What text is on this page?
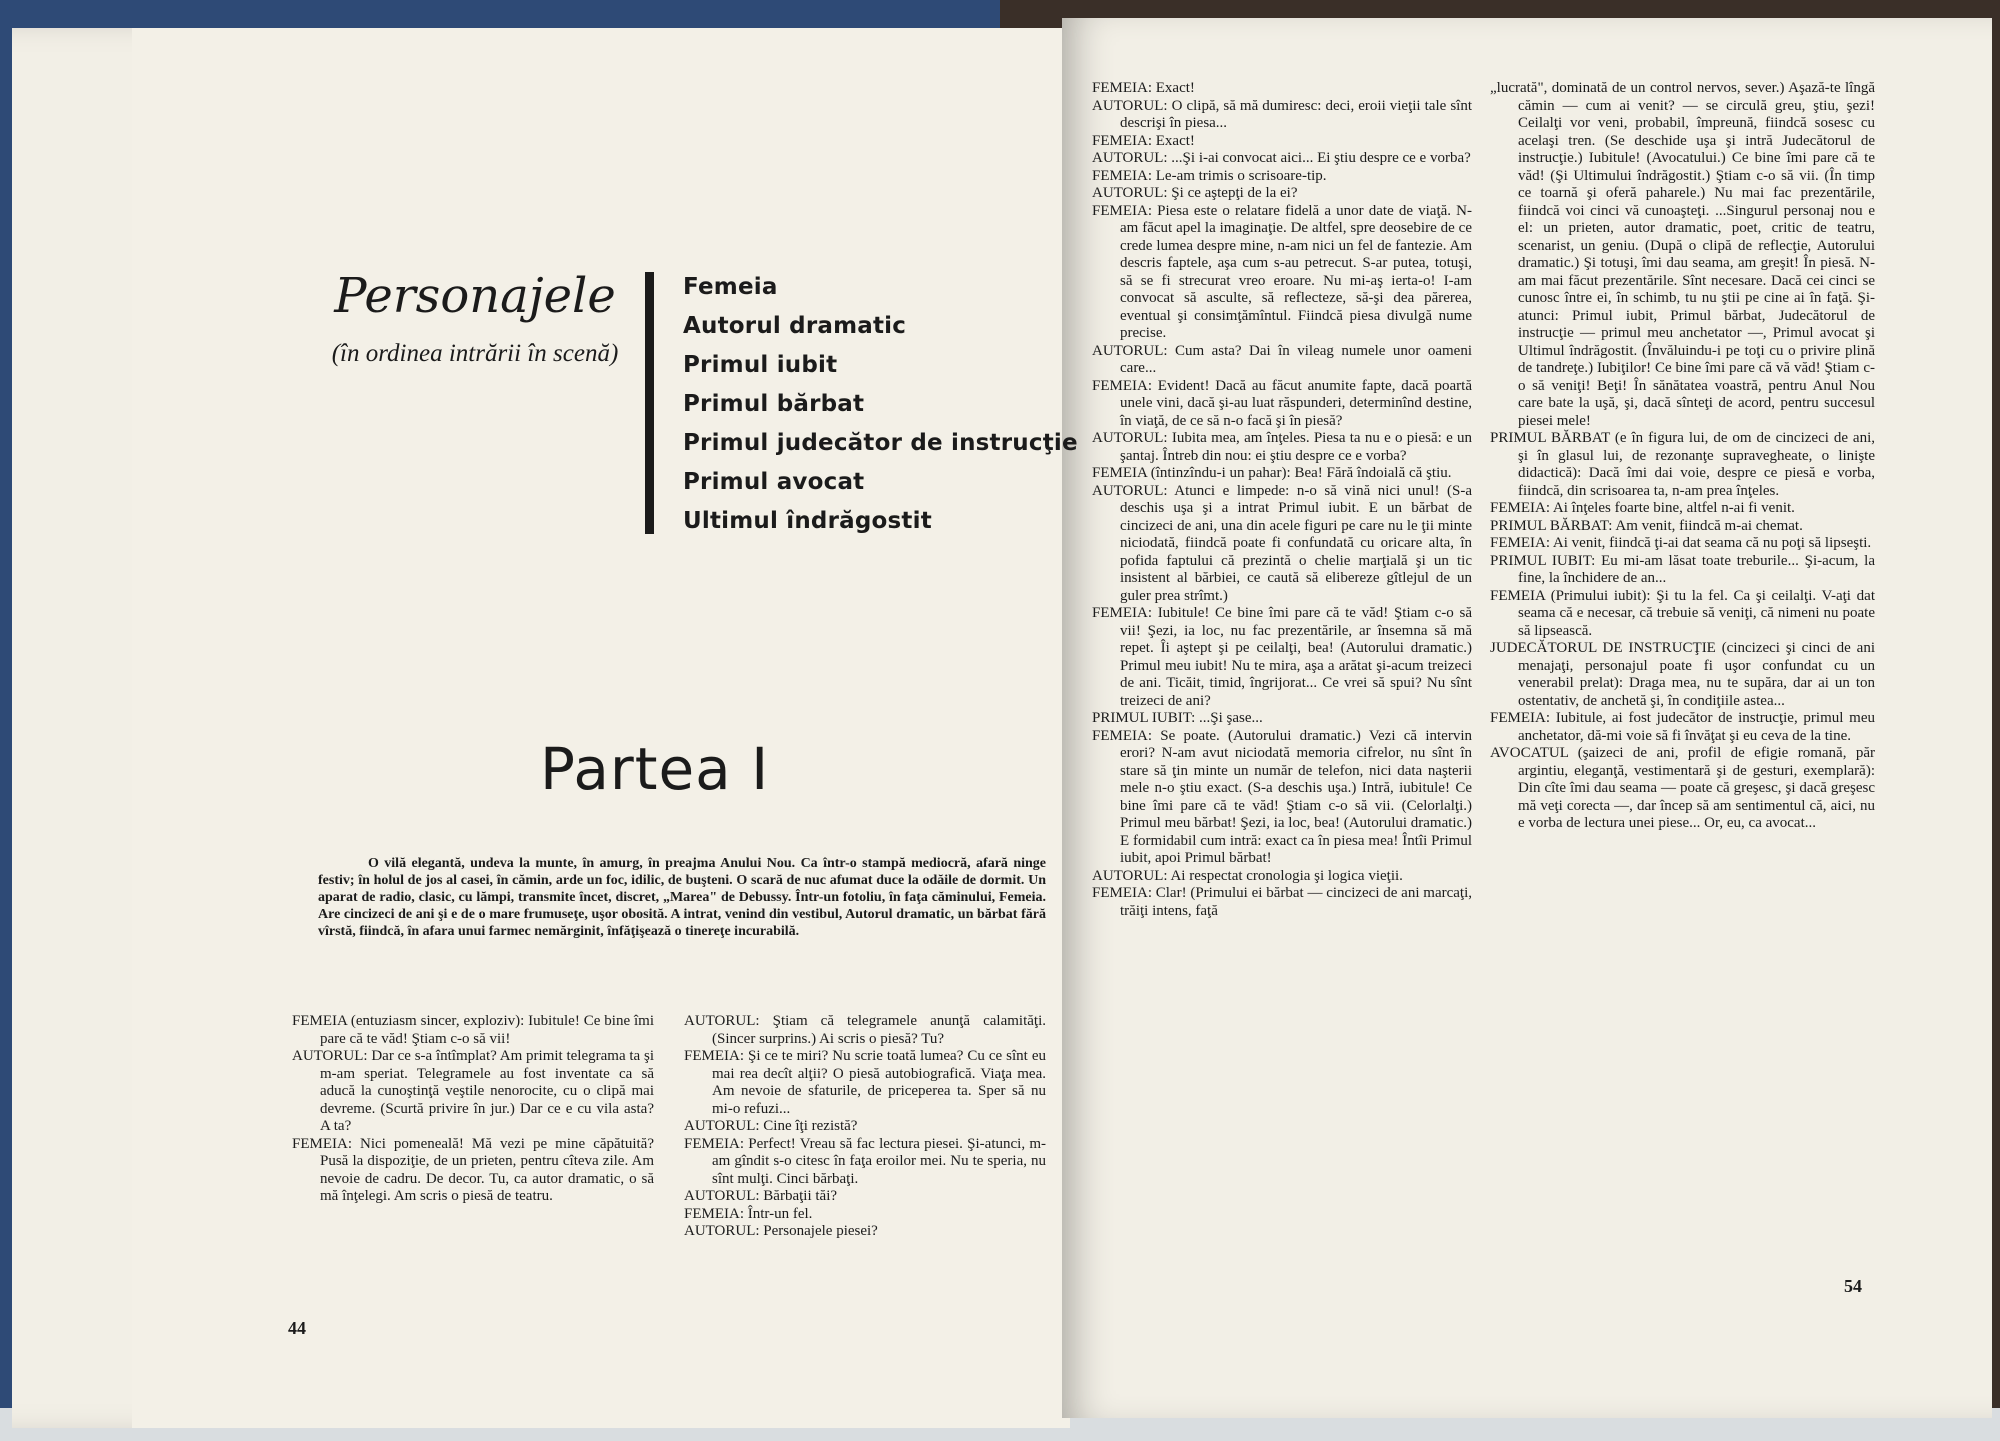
Personajele
(în ordinea intrării în scenă)
Femeia
Autorul dramatic
Primul iubit
Primul bărbat
Primul judecător de instrucţie
Primul avocat
Ultimul îndrăgostit
Partea I
O vilă elegantă, undeva la munte, în amurg, în preajma Anului Nou. Ca într-o stampă mediocră, afară ninge festiv; în holul de jos al casei, în cămin, arde un foc, idilic, de buşteni. O scară de nuc afumat duce la odăile de dormit. Un aparat de radio, clasic, cu lămpi, transmite încet, discret, „Marea" de Debussy. Într-un fotoliu, în faţa căminului, Femeia. Are cincizeci de ani şi e de o mare frumuseţe, uşor obosită. A intrat, venind din vestibul, Autorul dramatic, un bărbat fără vîrstă, fiindcă, în afara unui farmec nemărginit, înfăţişează o tinereţe incurabilă.

FEMEIA (entuziasm sincer, exploziv): Iubitule! Ce bine îmi pare că te văd! Ştiam c-o să vii!

AUTORUL: Dar ce s-a întîmplat? Am primit telegrama ta şi m-am speriat. Telegramele au fost inventate ca să aducă la cunoştinţă veştile nenorocite, cu o clipă mai devreme. (Scurtă privire în jur.) Dar ce e cu vila asta? A ta?

FEMEIA: Nici pomeneală! Mă vezi pe mine căpătuită? Pusă la dispoziţie, de un prieten, pentru cîteva zile. Am nevoie de cadru. De decor. Tu, ca autor dramatic, o să mă înţelegi. Am scris o piesă de teatru.

AUTORUL: Ştiam că telegramele anunţă calamităţi. (Sincer surprins.) Ai scris o piesă? Tu?

FEMEIA: Şi ce te miri? Nu scrie toată lumea? Cu ce sînt eu mai rea decît alţii? O piesă autobiografică. Viaţa mea. Am nevoie de sfaturile, de priceperea ta. Sper să nu mi-o refuzi...

AUTORUL: Cine îţi rezistă?

FEMEIA: Perfect! Vreau să fac lectura piesei. Şi-atunci, m-am gîndit s-o citesc în faţa eroilor mei. Nu te speria, nu sînt mulţi. Cinci bărbaţi.

AUTORUL: Bărbaţii tăi?

FEMEIA: Într-un fel.

AUTORUL: Personajele piesei?

44

FEMEIA: Exact!

AUTORUL: O clipă, să mă dumiresc: deci, eroii vieţii tale sînt descrişi în piesa...

FEMEIA: Exact!

AUTORUL: ...Şi i-ai convocat aici... Ei ştiu despre ce e vorba?

FEMEIA: Le-am trimis o scrisoare-tip.

AUTORUL: Şi ce aştepţi de la ei?

FEMEIA: Piesa este o relatare fidelă a unor date de viaţă. N-am făcut apel la imaginaţie. De altfel, spre deosebire de ce crede lumea despre mine, n-am nici un fel de fantezie. Am descris faptele, aşa cum s-au petrecut. S-ar putea, totuşi, să se fi strecurat vreo eroare. Nu mi-aş ierta-o! I-am convocat să asculte, să reflecteze, să-şi dea părerea, eventual şi consimţămîntul. Fiindcă piesa divulgă nume precise.

AUTORUL: Cum asta? Dai în vileag numele unor oameni care...

FEMEIA: Evident! Dacă au făcut anumite fapte, dacă poartă unele vini, dacă şi-au luat răspunderi, determinînd destine, în viaţă, de ce să n-o facă şi în piesă?

AUTORUL: Iubita mea, am înţeles. Piesa ta nu e o piesă: e un şantaj. Întreb din nou: ei ştiu despre ce e vorba?

FEMEIA (întinzîndu-i un pahar): Bea! Fără îndoială că ştiu.

AUTORUL: Atunci e limpede: n-o să vină nici unul! (S-a deschis uşa şi a intrat Primul iubit. E un bărbat de cincizeci de ani, una din acele figuri pe care nu le ţii minte niciodată, fiindcă poate fi confundată cu oricare alta, în pofida faptului că prezintă o chelie marţială şi un tic insistent al bărbiei, ce caută să elibereze gîtlejul de un guler prea strîmt.)

FEMEIA: Iubitule! Ce bine îmi pare că te văd! Ştiam c-o să vii! Şezi, ia loc, nu fac prezentările, ar însemna să mă repet. Îi aştept şi pe ceilalţi, bea! (Autorului dramatic.) Primul meu iubit! Nu te mira, aşa a arătat şi-acum treizeci de ani. Ticăit, timid, îngrijorat... Ce vrei să spui? Nu sînt treizeci de ani?

PRIMUL IUBIT: ...Şi şase...

FEMEIA: Se poate. (Autorului dramatic.) Vezi că intervin erori? N-am avut niciodată memoria cifrelor, nu sînt în stare să ţin minte un număr de telefon, nici data naşterii mele n-o ştiu exact. (S-a deschis uşa.) Intră, iubitule! Ce bine îmi pare că te văd! Ştiam c-o să vii. (Celorlalţi.) Primul meu bărbat! Şezi, ia loc, bea! (Autorului dramatic.) E formidabil cum intră: exact ca în piesa mea! Întîi Primul iubit, apoi Primul bărbat!

AUTORUL: Ai respectat cronologia şi logica vieţii.

FEMEIA: Clar! (Primului ei bărbat — cincizeci de ani marcaţi, trăiţi intens, faţă

„lucrată", dominată de un control nervos, sever.) Aşază-te lîngă cămin — cum ai venit? — se circulă greu, ştiu, şezi! Ceilalţi vor veni, probabil, împreună, fiindcă sosesc cu acelaşi tren. (Se deschide uşa şi intră Judecătorul de instrucţie.) Iubitule! (Avocatului.) Ce bine îmi pare că te văd! (Şi Ultimului îndrăgostit.) Ştiam c-o să vii. (În timp ce toarnă şi oferă paharele.) Nu mai fac prezentările, fiindcă voi cinci vă cunoaşteţi. ...Singurul personaj nou e el: un prieten, autor dramatic, poet, critic de teatru, scenarist, un geniu. (După o clipă de reflecţie, Autorului dramatic.) Şi totuşi, îmi dau seama, am greşit! În piesă. N-am mai făcut prezentările. Sînt necesare. Dacă cei cinci se cunosc între ei, în schimb, tu nu ştii pe cine ai în faţă. Şi-atunci: Primul iubit, Primul bărbat, Judecătorul de instrucţie — primul meu anchetator —, Primul avocat şi Ultimul îndrăgostit. (Învăluindu-i pe toţi cu o privire plină de tandreţe.) Iubiţilor! Ce bine îmi pare că vă văd! Ştiam c-o să veniţi! Beţi! În sănătatea voastră, pentru Anul Nou care bate la uşă, şi, dacă sînteţi de acord, pentru succesul piesei mele!

PRIMUL BĂRBAT (e în figura lui, de om de cincizeci de ani, şi în glasul lui, de rezonanţe supravegheate, o linişte didactică): Dacă îmi dai voie, despre ce piesă e vorba, fiindcă, din scrisoarea ta, n-am prea înţeles.

FEMEIA: Ai înţeles foarte bine, altfel n-ai fi venit.

PRIMUL BĂRBAT: Am venit, fiindcă m-ai chemat.

FEMEIA: Ai venit, fiindcă ţi-ai dat seama că nu poţi să lipseşti.

PRIMUL IUBIT: Eu mi-am lăsat toate treburile... Şi-acum, la fine, la închidere de an...

FEMEIA (Primului iubit): Şi tu la fel. Ca şi ceilalţi. V-aţi dat seama că e necesar, că trebuie să veniţi, că nimeni nu poate să lipsească.

JUDECĂTORUL DE INSTRUCŢIE (cincizeci şi cinci de ani menajaţi, personajul poate fi uşor confundat cu un venerabil prelat): Draga mea, nu te supăra, dar ai un ton ostentativ, de anchetă şi, în condiţiile astea...

FEMEIA: Iubitule, ai fost judecător de instrucţie, primul meu anchetator, dă-mi voie să fi învăţat şi eu ceva de la tine.

AVOCATUL (şaizeci de ani, profil de efigie romană, păr argintiu, eleganţă, vestimentară şi de gesturi, exemplară): Din cîte îmi dau seama — poate că greşesc, şi dacă greşesc mă veţi corecta —, dar încep să am sentimentul că, aici, nu e vorba de lectura unei piese... Or, eu, ca avocat...

54
